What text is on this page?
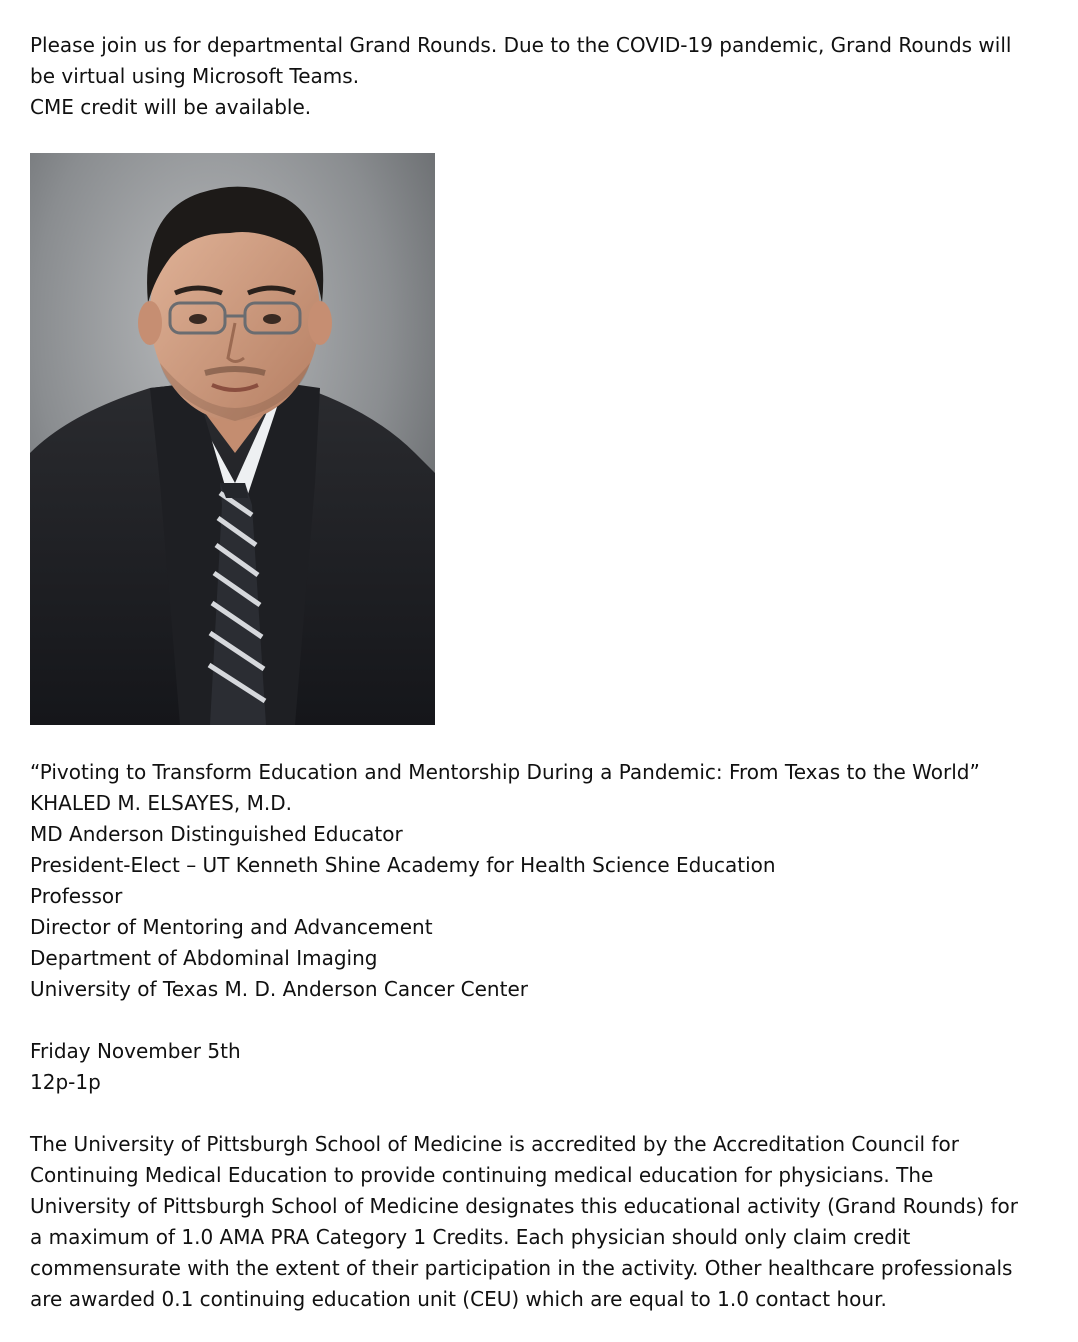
Please join us for departmental Grand Rounds. Due to the COVID-19 pandemic, Grand Rounds will

be virtual using Microsoft Teams.

CME credit will be available.

“Pivoting to Transform Education and Mentorship During a Pandemic: From Texas to the World”

KHALED M. ELSAYES, M.D.

MD Anderson Distinguished Educator

President-Elect – UT Kenneth Shine Academy for Health Science Education

Professor

Director of Mentoring and Advancement

Department of Abdominal Imaging

University of Texas M. D. Anderson Cancer Center

Friday November 5th

12p-1p

The University of Pittsburgh School of Medicine is accredited by the Accreditation Council for

Continuing Medical Education to provide continuing medical education for physicians. The

University of Pittsburgh School of Medicine designates this educational activity (Grand Rounds) for

a maximum of 1.0 AMA PRA Category 1 Credits. Each physician should only claim credit

commensurate with the extent of their participation in the activity. Other healthcare professionals

are awarded 0.1 continuing education unit (CEU) which are equal to 1.0 contact hour.
